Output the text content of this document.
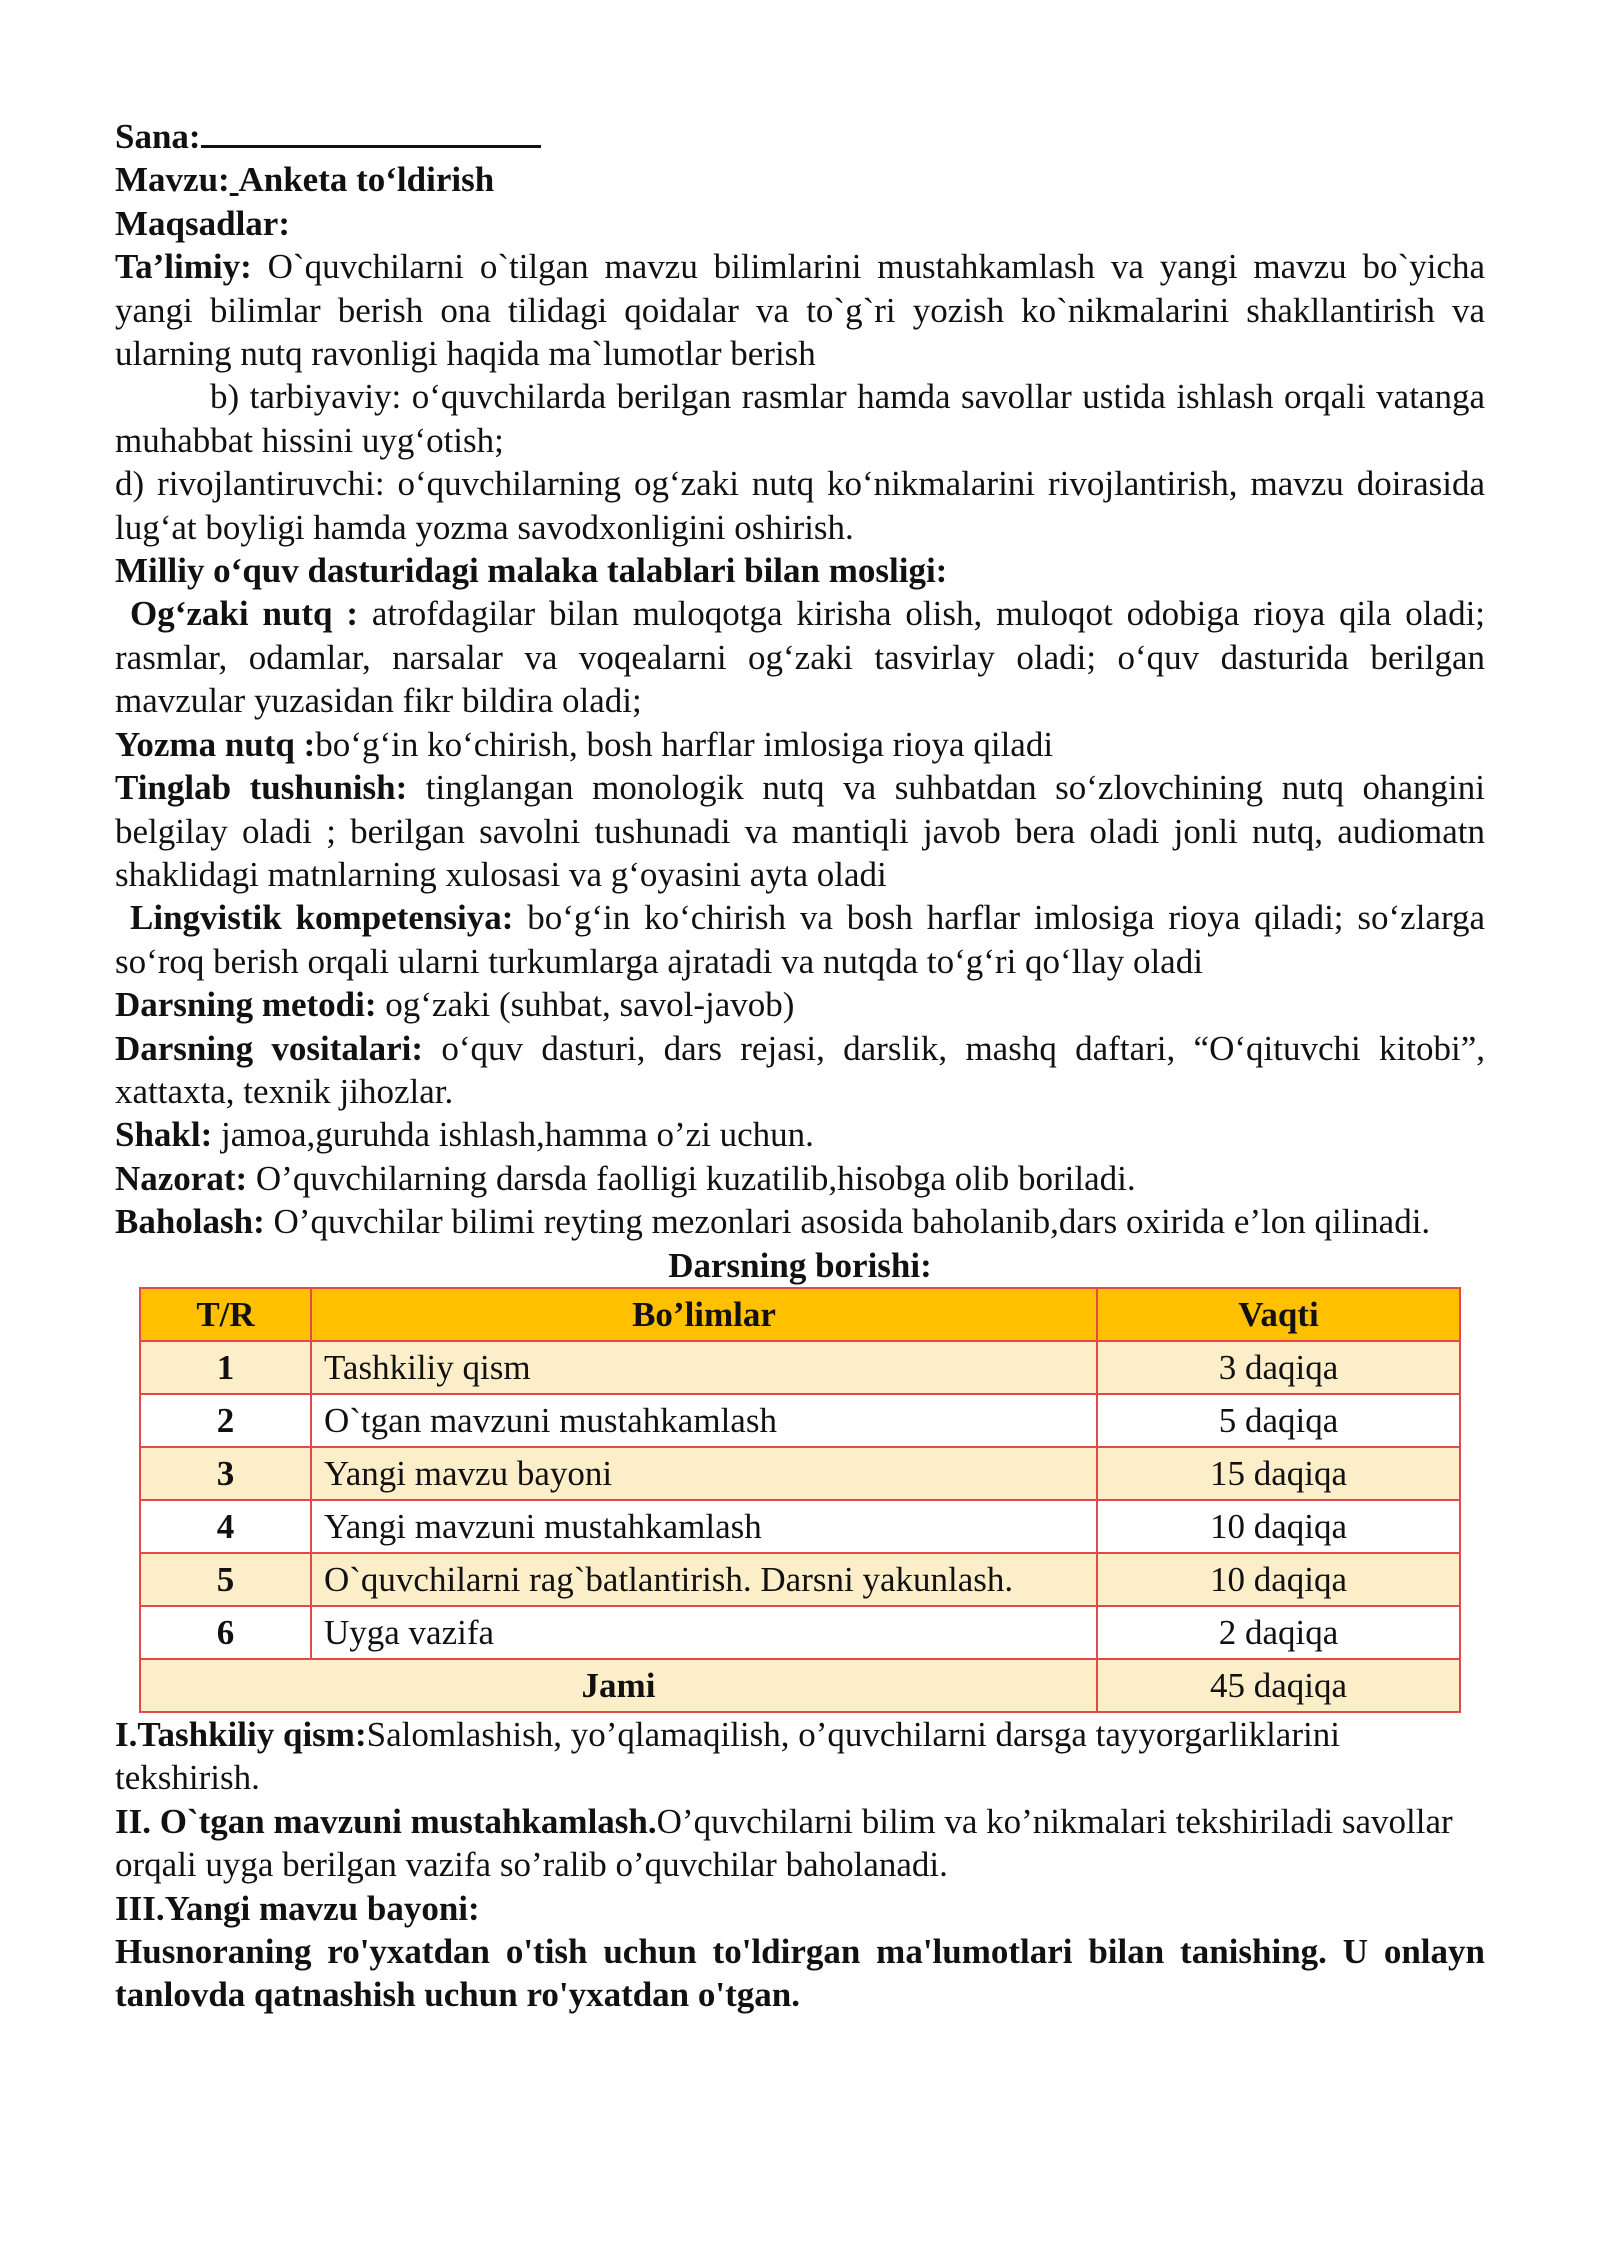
Sana:

Mavzu: Anketa to‘ldirish

Maqsadlar:

Ta’limiy: O`quvchilarni o`tilgan mavzu bilimlarini mustahkamlash va yangi mavzu bo`yicha yangi bilimlar berish ona tilidagi qoidalar va to`g`ri yozish ko`nikmalarini shakllantirish va ularning nutq ravonligi haqida ma`lumotlar berish

b) tarbiyaviy: o‘quvchilarda berilgan rasmlar hamda savollar ustida ishlash orqali vatanga muhabbat hissini uyg‘otish;

d) rivojlantiruvchi: o‘quvchilarning og‘zaki nutq ko‘nikmalarini rivojlantirish, mavzu doirasida lug‘at boyligi hamda yozma savodxonligini oshirish.

Milliy o‘quv dasturidagi malaka talablari bilan mosligi:

Og‘zaki nutq : atrofdagilar bilan muloqotga kirisha olish, muloqot odobiga rioya qila oladi; rasmlar, odamlar, narsalar va voqealarni og‘zaki tasvirlay oladi; o‘quv dasturida berilgan mavzular yuzasidan fikr bildira oladi;

Yozma nutq :bo‘g‘in ko‘chirish, bosh harflar imlosiga rioya qiladi

Tinglab tushunish: tinglangan monologik nutq va suhbatdan so‘zlovchining nutq ohangini belgilay oladi ; berilgan savolni tushunadi va mantiqli javob bera oladi jonli nutq, audiomatn shaklidagi matnlarning xulosasi va g‘oyasini ayta oladi

Lingvistik kompetensiya: bo‘g‘in ko‘chirish va bosh harflar imlosiga rioya qiladi; so‘zlarga so‘roq berish orqali ularni turkumlarga ajratadi va nutqda to‘g‘ri qo‘llay oladi

Darsning metodi: og‘zaki (suhbat, savol-javob)

Darsning vositalari: o‘quv dasturi, dars rejasi, darslik, mashq daftari, “O‘qituvchi kitobi”, xattaxta, texnik jihozlar.

Shakl: jamoa,guruhda ishlash,hamma o’zi uchun.

Nazorat: O’quvchilarning darsda faolligi kuzatilib,hisobga olib boriladi.

Baholash: O’quvchilar bilimi reyting mezonlari asosida baholanib,dars oxirida e’lon qilinadi.

Darsning borishi:

T/R	Bo’limlar	Vaqti
1	Tashkiliy qism	3 daqiqa
2	O`tgan mavzuni mustahkamlash	5 daqiqa
3	Yangi mavzu bayoni	15 daqiqa
4	Yangi mavzuni mustahkamlash	10 daqiqa
5	O`quvchilarni rag`batlantirish. Darsni yakunlash.	10 daqiqa
6	Uyga vazifa	2 daqiqa
Jami		45 daqiqa

I.Tashkiliy qism:Salomlashish, yo’qlamaqilish, o’quvchilarni darsga tayyorgarliklarini tekshirish.

II. O`tgan mavzuni mustahkamlash.O’quvchilarni bilim va ko’nikmalari tekshiriladi savollar orqali uyga berilgan vazifa so’ralib o’quvchilar baholanadi.

III.Yangi mavzu bayoni:

Husnoraning ro'yxatdan o'tish uchun to'ldirgan ma'lumotlari bilan tanishing. U onlayn tanlovda qatnashish uchun ro'yxatdan o'tgan.
